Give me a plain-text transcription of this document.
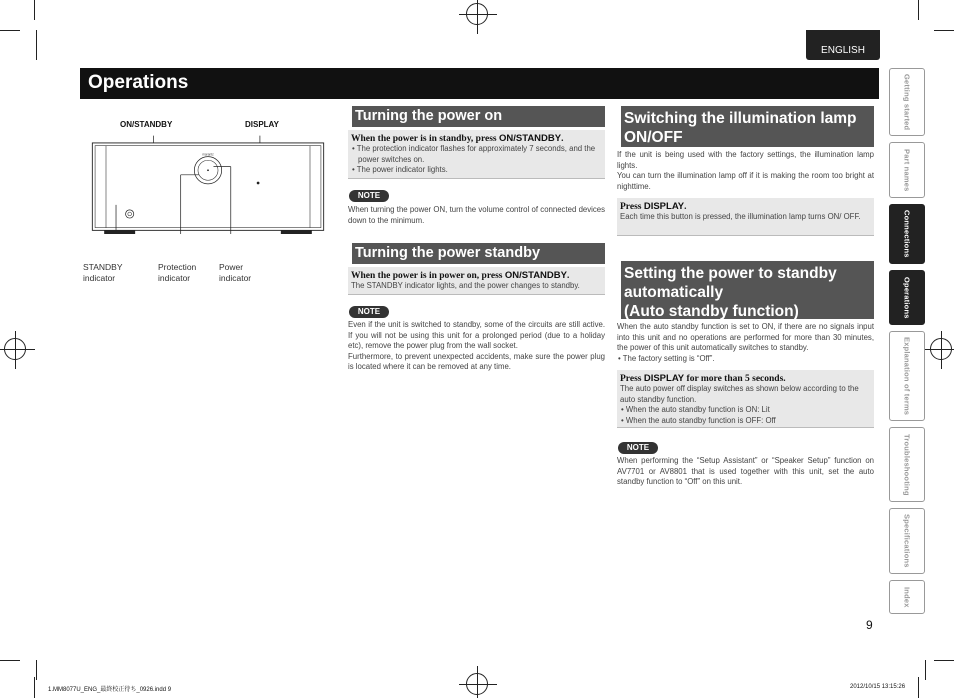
ENGLISH
Operations	Getting started
Part names
Connections
Operations
Explanation of terms
Troubleshooting
Specifications
Index
ON/STANDBY	DISPLAY
marantz
STANDBY
indicator
Protection
indicator
Power
indicator
Turning the power on
When the power is in standby, press ON/STANDBY.
• The protection indicator flashes for approximately 7 seconds, and the power switches on.
• The power indicator lights.
NOTE
When turning the power ON, turn the volume control of connected devices down to the minimum.
Turning the power standby
When the power is in power on, press ON/STANDBY.
The STANDBY indicator lights, and the power changes to standby.
NOTE
Even if the unit is switched to standby, some of the circuits are still active. If you will not be using this unit for a prolonged period (due to a holiday etc), remove the power plug from the wall socket.
Furthermore, to prevent unexpected accidents, make sure the power plug is located where it can be removed at any time.
Switching the illumination lamp
ON/OFF
If the unit is being used with the factory settings, the illumination lamp lights.
You can turn the illumination lamp off if it is making the room too bright at nighttime.
Press DISPLAY.
Each time this button is pressed, the illumination lamp turns ON/ OFF.
Setting the power to standby
automatically
(Auto standby function)
When the auto standby function is set to ON, if there are no signals input into this unit and no operations are performed for more than 30 minutes, the power of this unit automatically switches to standby.
• The factory setting is “Off”.
Press DISPLAY for more than 5 seconds.
The auto power off display switches as shown below according to the auto standby function.
• When the auto standby function is ON: Lit
• When the auto standby function is OFF: Off
NOTE
When performing the “Setup Assistant” or “Speaker Setup” function on AV7701 or AV8801 that is used together with this unit, set the auto standby function to “Off” on this unit.
9
1.MM8077U_ENG_最終校正待ち_0926.indd 9	2012/10/15 13:15:26
